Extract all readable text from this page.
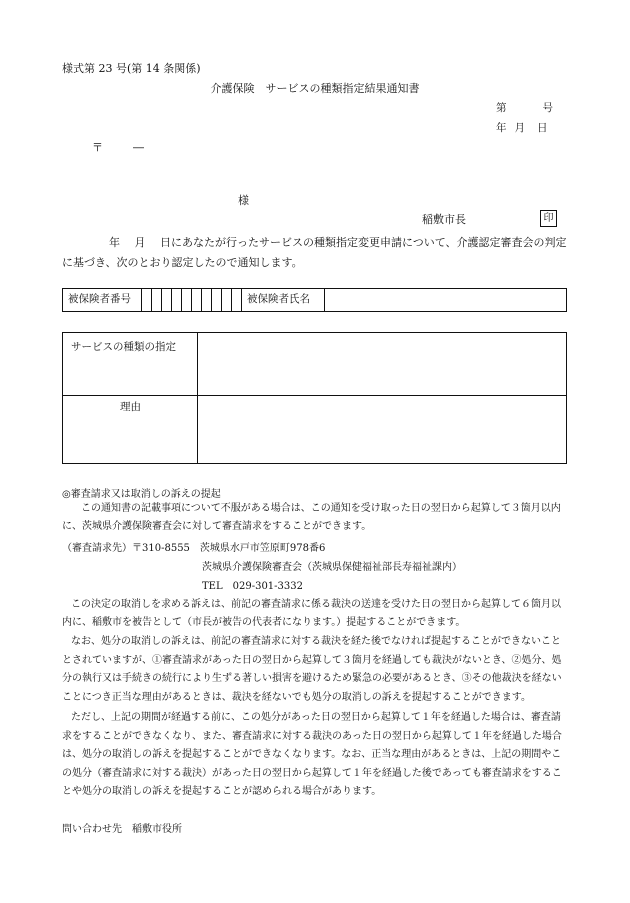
様式第 23 号(第 14 条関係)
介護保険　サービスの種類指定結果通知書
第	号
年 月 日
〒	―
様
稲敷市長	印
年　 月　 日にあなたが行ったサービスの種類指定変更申請について、介護認定審査会の判定に基づき、次のとおり認定したので通知します。
被保険者番号	被保険者氏名
サービスの種類の指定
理由
◎審査請求又は取消しの訴えの提起
この通知書の記載事項について不服がある場合は、この通知を受け取った日の翌日から起算して３箇月以内に、茨城県介護保険審査会に対して審査請求をすることができます。
（審査請求先）〒310-8555　茨城県水戸市笠原町978番6
茨城県介護保険審査会（茨城県保健福祉部長寿福祉課内）
TEL　029-301-3332
この決定の取消しを求める訴えは、前記の審査請求に係る裁決の送達を受けた日の翌日から起算して６箇月以内に、稲敷市を被告として（市長が被告の代表者になります。）提起することができます。
なお、処分の取消しの訴えは、前記の審査請求に対する裁決を経た後でなければ提起することができないこととされていますが、①審査請求があった日の翌日から起算して３箇月を経過しても裁決がないとき、②処分、処分の執行又は手続きの続行により生ずる著しい損害を避けるため緊急の必要があるとき、③その他裁決を経ないことにつき正当な理由があるときは、裁決を経ないでも処分の取消しの訴えを提起することができます。
ただし、上記の期間が経過する前に、この処分があった日の翌日から起算して１年を経過した場合は、審査請求をすることができなくなり、また、審査請求に対する裁決のあった日の翌日から起算して１年を経過した場合は、処分の取消しの訴えを提起することができなくなります。なお、正当な理由があるときは、上記の期間やこの処分（審査請求に対する裁決）があった日の翌日から起算して１年を経過した後であっても審査請求をすることや処分の取消しの訴えを提起することが認められる場合があります。
問い合わせ先　稲敷市役所
